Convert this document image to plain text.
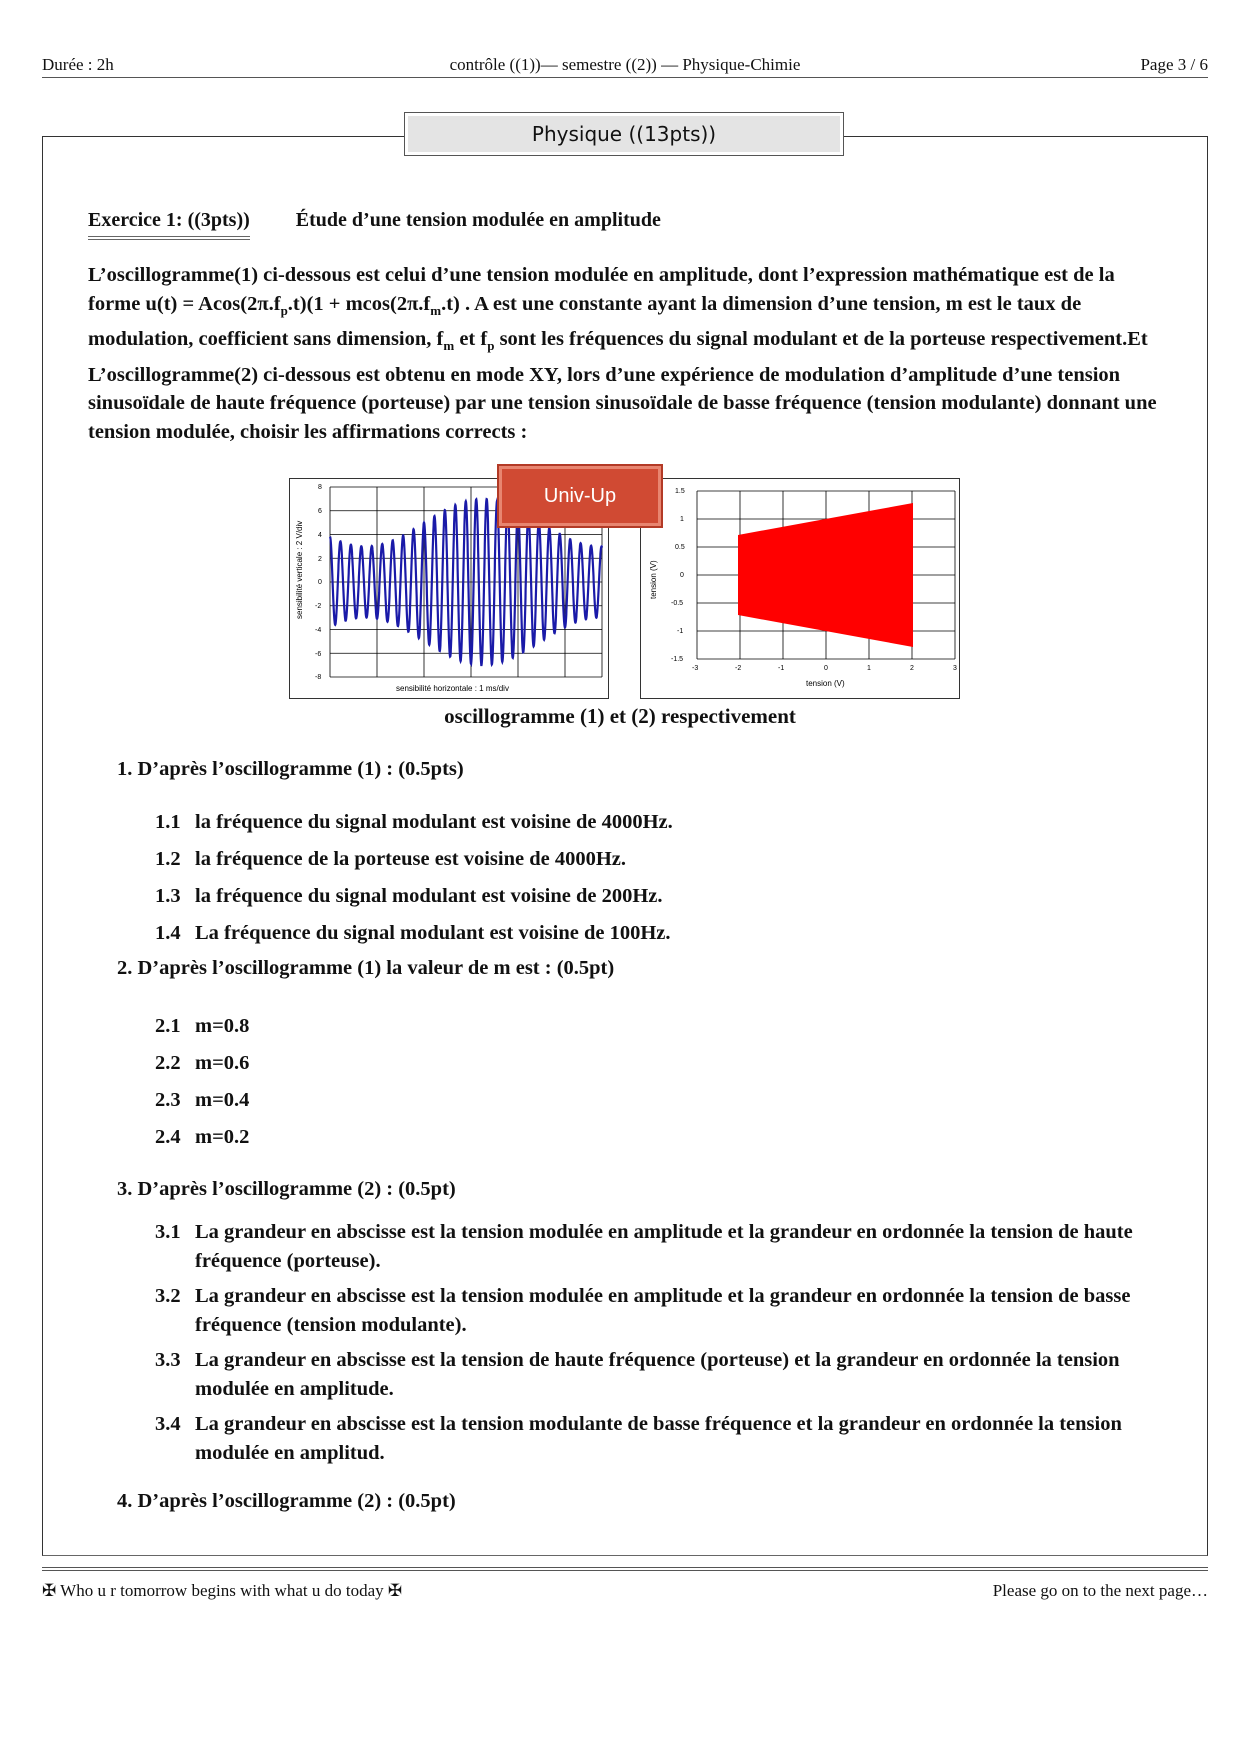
Durée : 2h	contrôle ((1))— semestre ((2)) — Physique-Chimie	Page 3 / 6
Physique ((13pts))
Exercice 1: ((3pts)) Étude d’une tension modulée en amplitude
L’oscillogramme(1) ci-dessous est celui d’une tension modulée en amplitude, dont l’expression mathématique est de la forme $u(t) = Acos(2\pi.f_p.t)(1 + mcos(2\pi.f_m.t)$ . A est une constante ayant la dimension d’une tension, m est le taux de modulation, coefficient sans dimension, $f_m$ et $f_p$ sont les fréquences du signal modulant et de la porteuse respectivement.Et L’oscillogramme(2) ci-dessous est obtenu en mode XY, lors d’une expérience de modulation d’amplitude d’une tension sinusoïdale de haute fréquence (porteuse) par une tension sinusoïdale de basse fréquence (tension modulante) donnant une tension modulée, choisir les affirmations corrects :
8
6
4
2
0
-2
-4
-6
-8
sensibilité verticale : 2 V/div
sensibilité horizontale : 1 ms/div
1.5
1
0.5
0
-0.5
-1
-1.5
-3	-2	-1	0	1	2	3
tension (V)
tension (V)
Univ-Up
oscillogramme (1) et (2) respectivement
1. D’après l’oscillogramme (1) : (0.5pts)
1.1 la fréquence du signal modulant est voisine de 4000Hz.
1.2 la fréquence de la porteuse est voisine de 4000Hz.
1.3 la fréquence du signal modulant est voisine de 200Hz.
1.4 La fréquence du signal modulant est voisine de 100Hz.
2. D’après l’oscillogramme (1) la valeur de m est : (0.5pt)
2.1 m=0.8
2.2 m=0.6
2.3 m=0.4
2.4 m=0.2
3. D’après l’oscillogramme (2) : (0.5pt)
3.1 La grandeur en abscisse est la tension modulée en amplitude et la grandeur en ordonnée la tension de haute fréquence (porteuse).
3.2 La grandeur en abscisse est la tension modulée en amplitude et la grandeur en ordonnée la tension de basse fréquence (tension modulante).
3.3 La grandeur en abscisse est la tension de haute fréquence (porteuse) et la grandeur en ordonnée la tension modulée en amplitude.
3.4 La grandeur en abscisse est la tension modulante de basse fréquence et la grandeur en ordonnée la tension modulée en amplitud.
4. D’après l’oscillogramme (2) : (0.5pt)
✠ Who u r tomorrow begins with what u do today ✠	Please go on to the next page…
